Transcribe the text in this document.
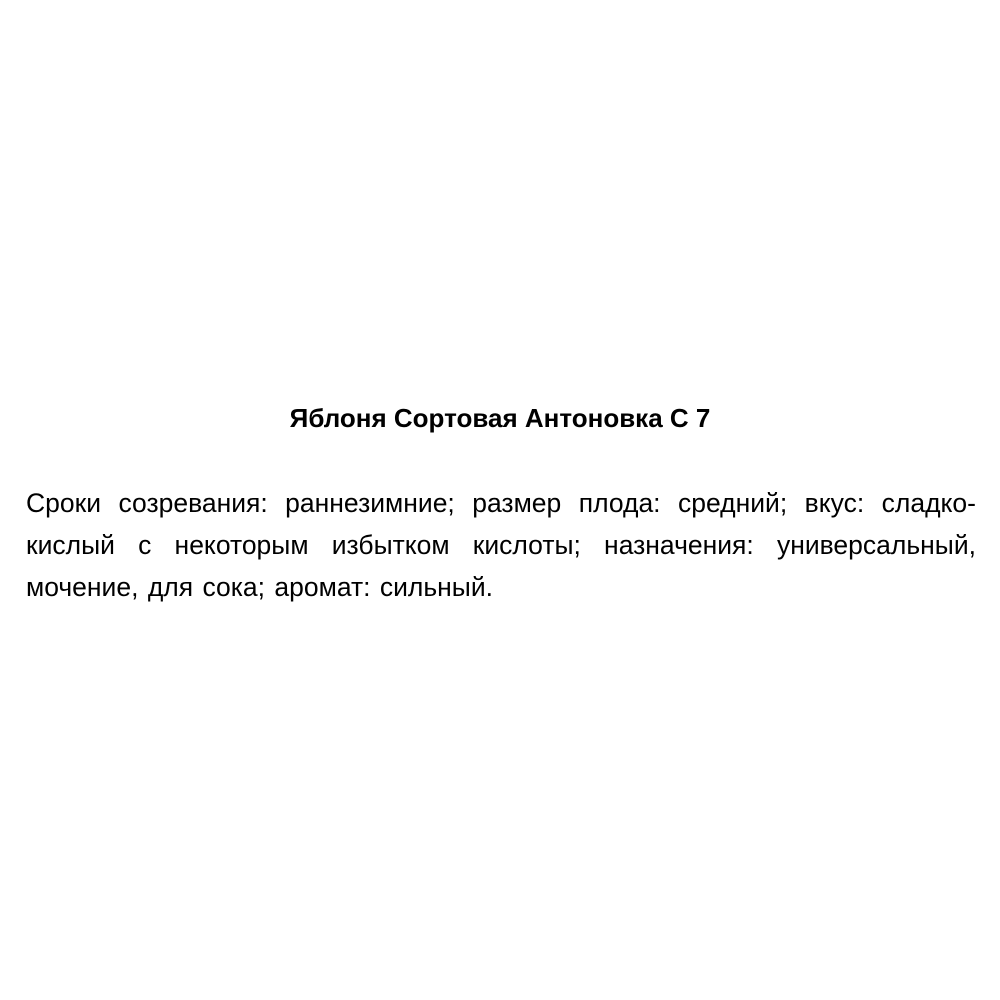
Яблоня Сортовая Антоновка С 7

Сроки созревания: раннезимние; размер плода: средний; вкус: сладко-кислый с некоторым избытком кислоты; назначения: универсальный, мочение, для сока; аромат: сильный.
